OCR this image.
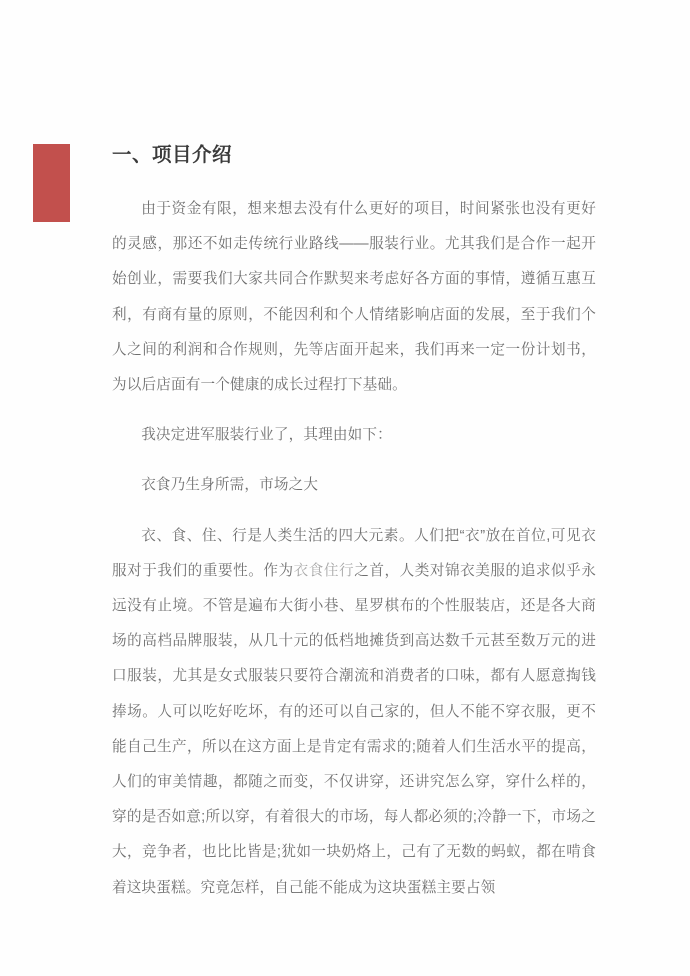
一、项目介绍

由于资金有限，想来想去没有什么更好的项目，时间紧张也没有更好的灵感，那还不如走传统行业路线——服装行业。尤其我们是合作一起开始创业，需要我们大家共同合作默契来考虑好各方面的事情，遵循互惠互利，有商有量的原则，不能因利和个人情绪影响店面的发展，至于我们个人之间的利润和合作规则，先等店面开起来，我们再来一定一份计划书，为以后店面有一个健康的成长过程打下基础。

我决定进军服装行业了，其理由如下：

衣食乃生身所需，市场之大

衣、食、住、行是人类生活的四大元素。人们把“衣”放在首位,可见衣服对于我们的重要性。作为衣食住行之首，人类对锦衣美服的追求似乎永远没有止境。不管是遍布大街小巷、星罗棋布的个性服装店，还是各大商场的高档品牌服装，从几十元的低档地摊货到高达数千元甚至数万元的进口服装，尤其是女式服装只要符合潮流和消费者的口味，都有人愿意掏钱捧场。人可以吃好吃坏，有的还可以自己家的，但人不能不穿衣服，更不能自己生产，所以在这方面上是肯定有需求的;随着人们生活水平的提高，人们的审美情趣，都随之而变，不仅讲穿，还讲究怎么穿，穿什么样的，穿的是否如意;所以穿，有着很大的市场，每人都必须的;冷静一下，市场之大，竞争者，也比比皆是;犹如一块奶烙上，己有了无数的蚂蚁，都在啃食着这块蛋糕。究竟怎样，自己能不能成为这块蛋糕主要占领
